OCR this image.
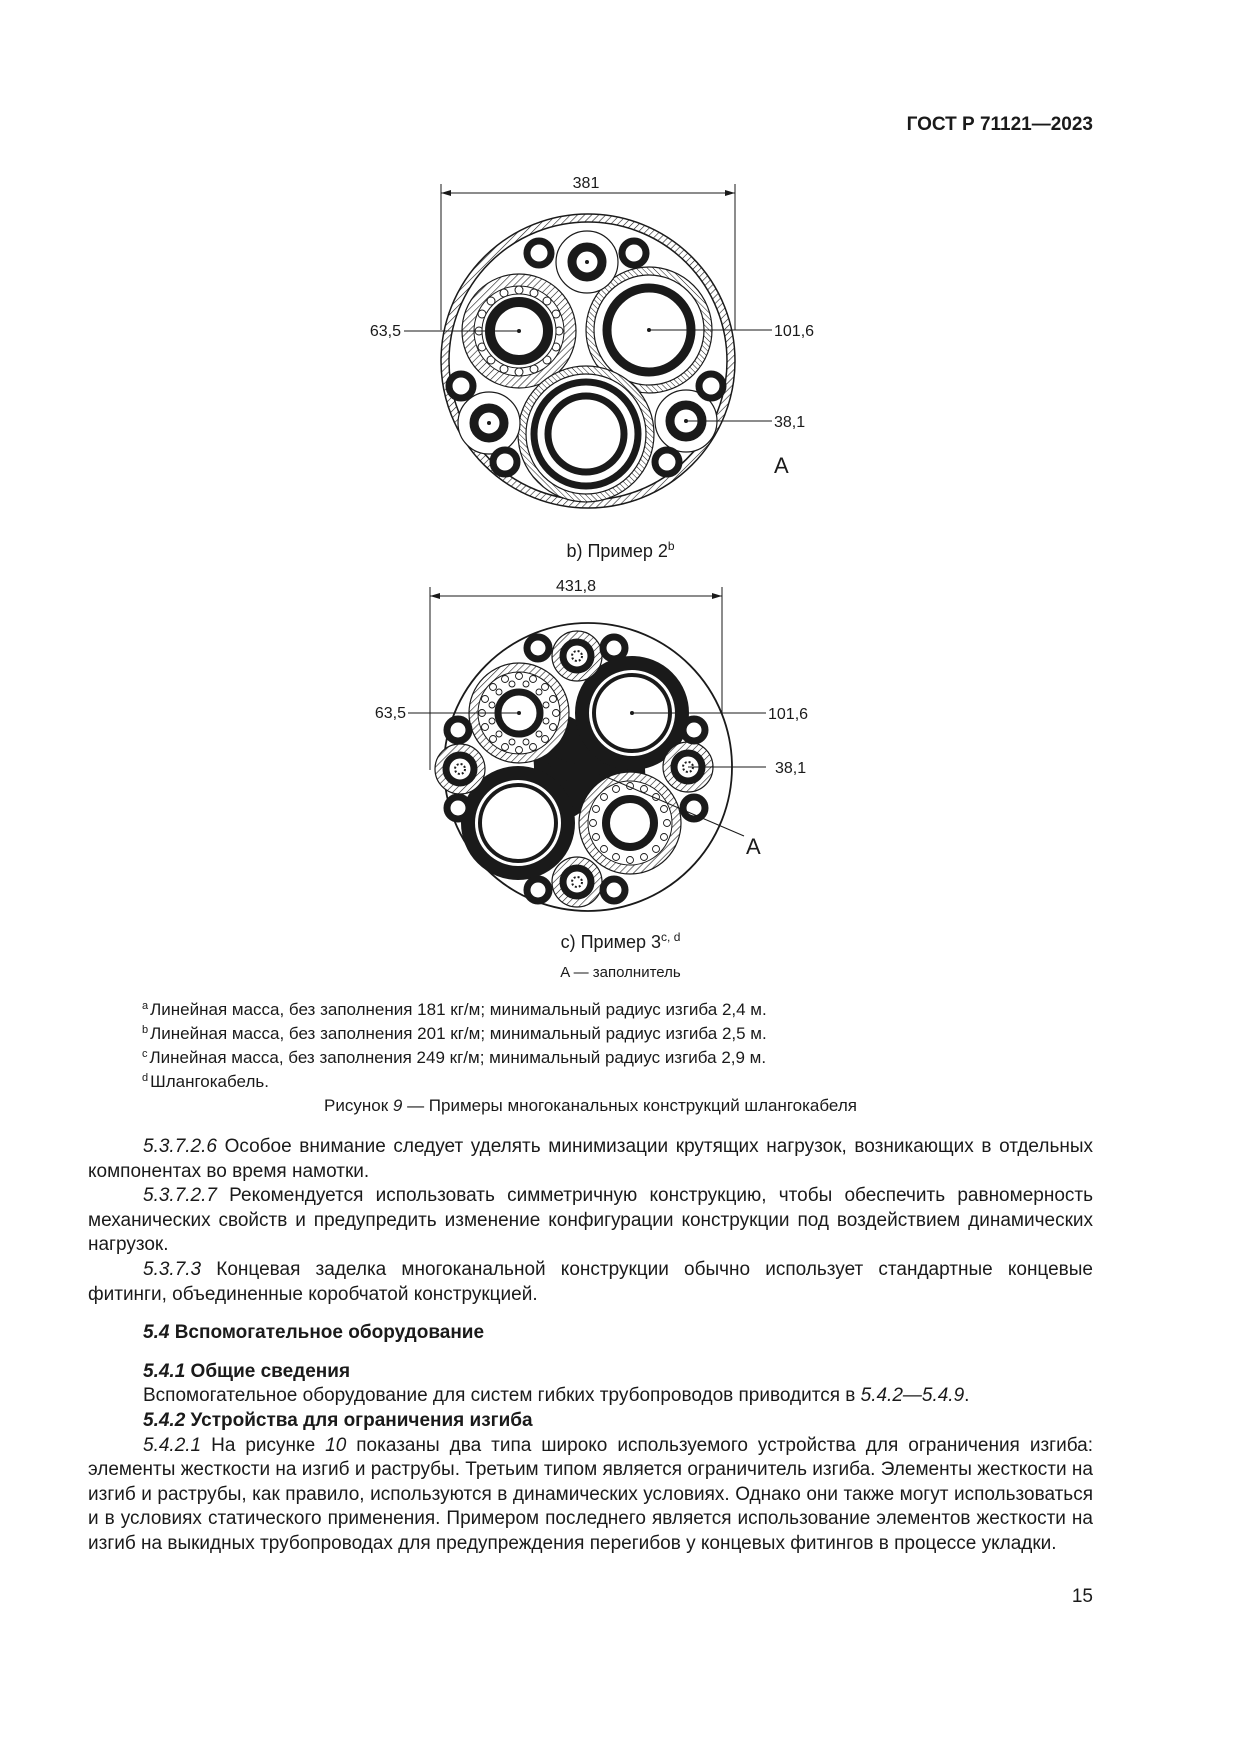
ГОСТ Р 71121—2023
381
63,5	101,6
38,1
A
b) Пример 2$^b$
431,8
63,5	101,6
38,1
A
c) Пример 3$^{c, d}$
A — заполнитель
$^a$ Линейная масса, без заполнения 181 кг/м; минимальный радиус изгиба 2,4 м.
$^b$ Линейная масса, без заполнения 201 кг/м; минимальный радиус изгиба 2,5 м.
$^c$ Линейная масса, без заполнения 249 кг/м; минимальный радиус изгиба 2,9 м.
$^d$ Шлангокабель.
Рисунок 9 — Примеры многоканальных конструкций шлангокабеля

5.3.7.2.6 Особое внимание следует уделять минимизации крутящих нагрузок, возникающих в отдельных компонентах во время намотки.

5.3.7.2.7 Рекомендуется использовать симметричную конструкцию, чтобы обеспечить равномерность механических свойств и предупредить изменение конфигурации конструкции под воздействием динамических нагрузок.

5.3.7.3 Концевая заделка многоканальной конструкции обычно использует стандартные концевые фитинги, объединенные коробчатой конструкцией.

5.4 Вспомогательное оборудование

5.4.1 Общие сведения

Вспомогательное оборудование для систем гибких трубопроводов приводится в 5.4.2—5.4.9.

5.4.2 Устройства для ограничения изгиба

5.4.2.1 На рисунке 10 показаны два типа широко используемого устройства для ограничения изгиба: элементы жесткости на изгиб и раструбы. Третьим типом является ограничитель изгиба. Элементы жесткости на изгиб и раструбы, как правило, используются в динамических условиях. Однако они также могут использоваться и в условиях статического применения. Примером последнего является использование элементов жесткости на изгиб на выкидных трубопроводах для предупреждения перегибов у концевых фитингов в процессе укладки.

15
